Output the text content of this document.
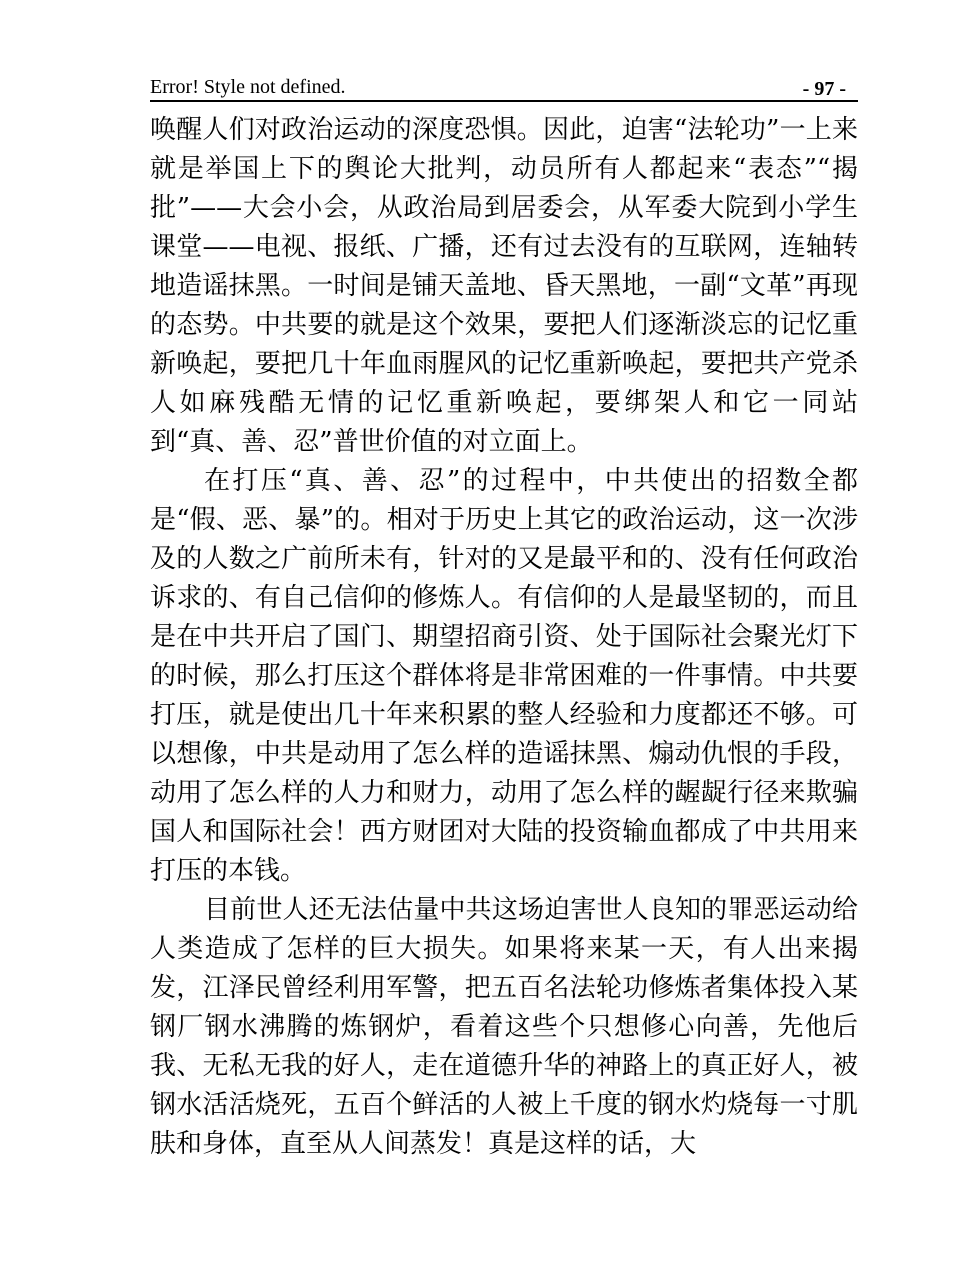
Error! Style not defined.	- 97 -

唤醒人们对政治运动的深度恐惧。因此，迫害“法轮功”一上来就是举国上下的舆论大批判，动员所有人都起来“表态”“揭批”——大会小会，从政治局到居委会，从军委大院到小学生课堂——电视、报纸、广播，还有过去没有的互联网，连轴转地造谣抹黑。一时间是铺天盖地、昏天黑地，一副“文革”再现的态势。中共要的就是这个效果，要把人们逐渐淡忘的记忆重新唤起，要把几十年血雨腥风的记忆重新唤起，要把共产党杀人如麻残酷无情的记忆重新唤起，要绑架人和它一同站到“真、善、忍”普世价值的对立面上。

在打压“真、善、忍”的过程中，中共使出的招数全都是“假、恶、暴”的。相对于历史上其它的政治运动，这一次涉及的人数之广前所未有，针对的又是最平和的、没有任何政治诉求的、有自己信仰的修炼人。有信仰的人是最坚韧的，而且是在中共开启了国门、期望招商引资、处于国际社会聚光灯下的时候，那么打压这个群体将是非常困难的一件事情。中共要打压，就是使出几十年来积累的整人经验和力度都还不够。可以想像，中共是动用了怎么样的造谣抹黑、煽动仇恨的手段，动用了怎么样的人力和财力，动用了怎么样的龌龊行径来欺骗国人和国际社会！西方财团对大陆的投资输血都成了中共用来打压的本钱。

目前世人还无法估量中共这场迫害世人良知的罪恶运动给人类造成了怎样的巨大损失。如果将来某一天，有人出来揭发，江泽民曾经利用军警，把五百名法轮功修炼者集体投入某钢厂钢水沸腾的炼钢炉，看着这些个只想修心向善，先他后我、无私无我的好人，走在道德升华的神路上的真正好人，被钢水活活烧死，五百个鲜活的人被上千度的钢水灼烧每一寸肌肤和身体，直至从人间蒸发！真是这样的话，大
